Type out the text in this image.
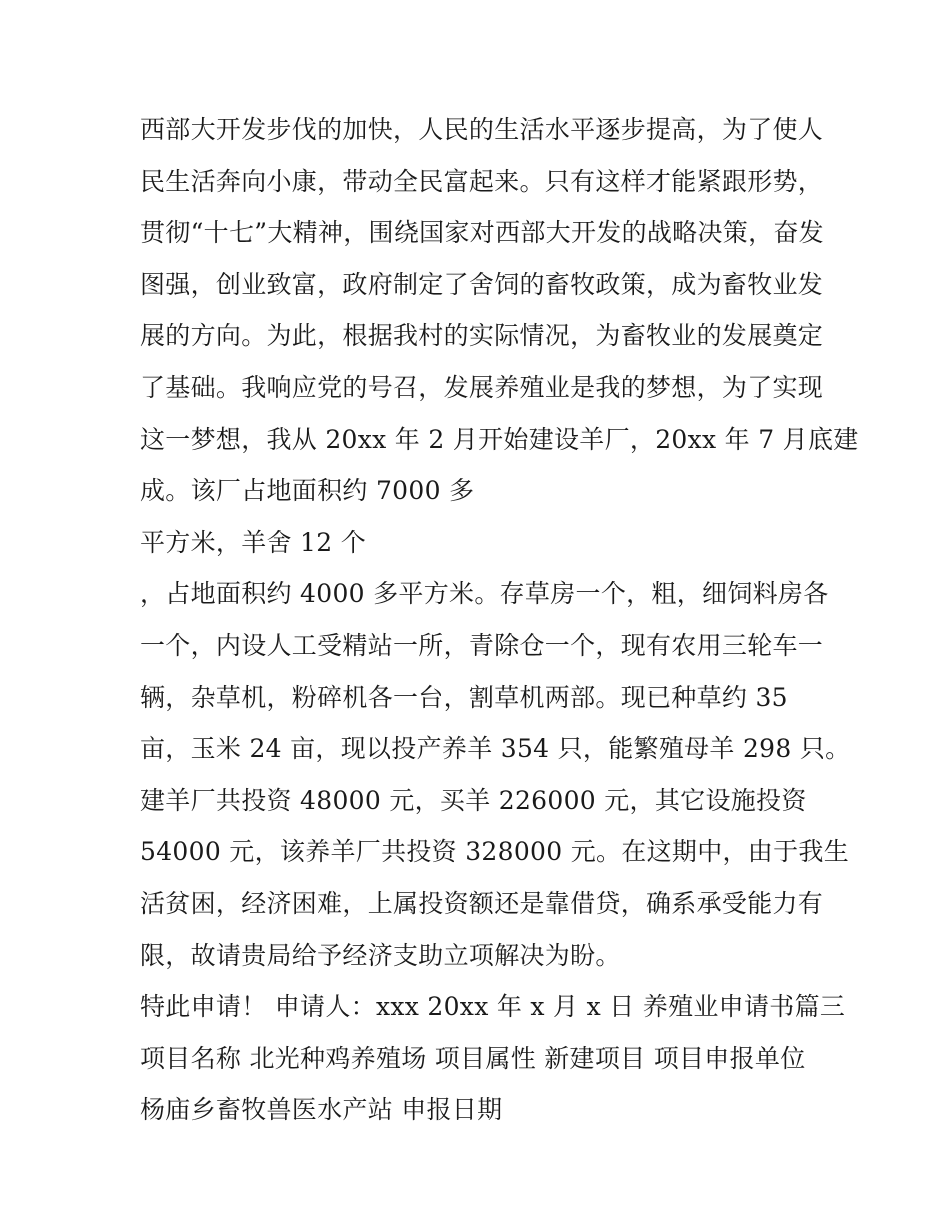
西部大开发步伐的加快，人民的生活水平逐步提高，为了使人
民生活奔向小康，带动全民富起来。只有这样才能紧跟形势，
贯彻“十七”大精神，围绕国家对西部大开发的战略决策，奋发
图强，创业致富，政府制定了舍饲的畜牧政策，成为畜牧业发
展的方向。为此，根据我村的实际情况，为畜牧业的发展奠定
了基础。我响应党的号召，发展养殖业是我的梦想，为了实现
这一梦想，我从 20xx 年 2 月开始建设羊厂，20xx 年 7 月底建
成。该厂占地面积约 7000 多
平方米，羊舍 12 个
，占地面积约 4000 多平方米。存草房一个，粗，细饲料房各
一个，内设人工受精站一所，青除仓一个，现有农用三轮车一
辆，杂草机，粉碎机各一台，割草机两部。现已种草约 35
亩，玉米 24 亩，现以投产养羊 354 只，能繁殖母羊 298 只。
建羊厂共投资 48000 元，买羊 226000 元，其它设施投资
54000 元，该养羊厂共投资 328000 元。在这期中，由于我生
活贫困，经济困难，上属投资额还是靠借贷，确系承受能力有
限，故请贵局给予经济支助立项解决为盼。
特此申请！ 申请人：xxx 20xx 年 x 月 x 日 养殖业申请书篇三
项目名称 北光种鸡养殖场 项目属性 新建项目 项目申报单位
杨庙乡畜牧兽医水产站 申报日期
